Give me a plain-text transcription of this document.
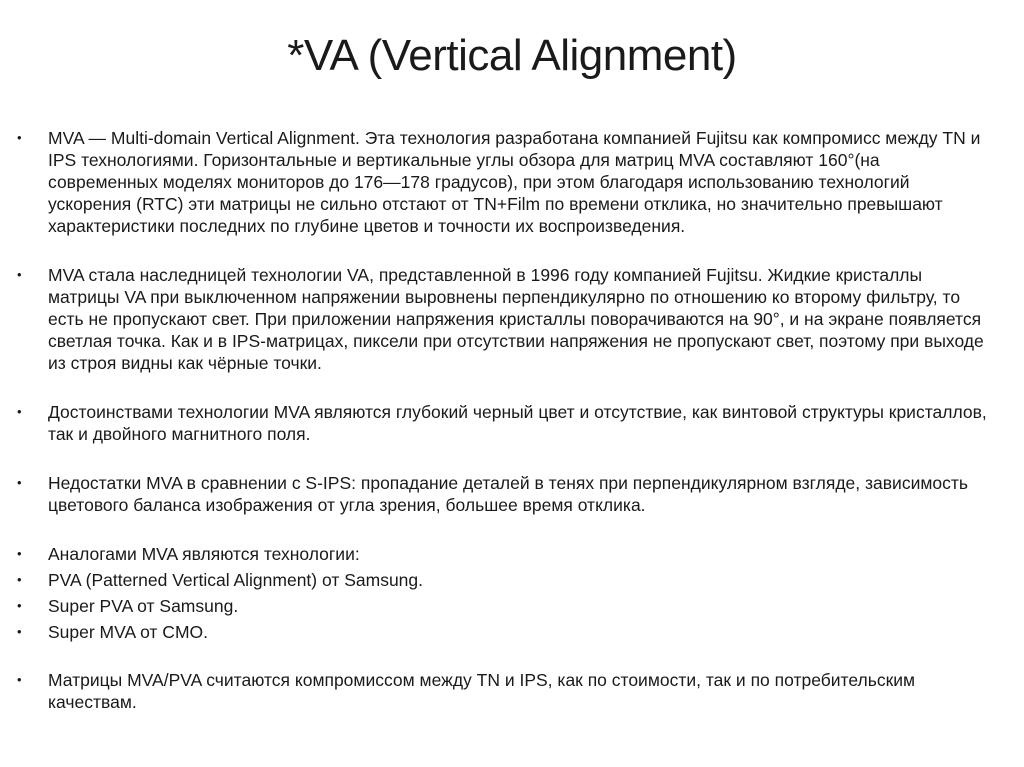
*VA (Vertical Alignment)
•	MVA — Multi-domain Vertical Alignment. Эта технология разработана компанией Fujitsu как компромисс между TN и IPS технологиями. Горизонтальные и вертикальные углы обзора для матриц MVA составляют 160°(на современных моделях мониторов до 176—178 градусов), при этом благодаря использованию технологий ускорения (RTC) эти матрицы не сильно отстают от TN+Film по времени отклика, но значительно превышают характеристики последних по глубине цветов и точности их воспроизведения.
•	MVA стала наследницей технологии VA, представленной в 1996 году компанией Fujitsu. Жидкие кристаллы матрицы VA при выключенном напряжении выровнены перпендикулярно по отношению ко второму фильтру, то есть не пропускают свет. При приложении напряжения кристаллы поворачиваются на 90°, и на экране появляется светлая точка. Как и в IPS-матрицах, пиксели при отсутствии напряжения не пропускают свет, поэтому при выходе из строя видны как чёрные точки.
•	Достоинствами технологии MVA являются глубокий черный цвет и отсутствие, как винтовой структуры кристаллов, так и двойного магнитного поля.
•	Недостатки MVA в сравнении с S-IPS: пропадание деталей в тенях при перпендикулярном взгляде, зависимость цветового баланса изображения от угла зрения, большее время отклика.
•	Аналогами MVA являются технологии:
•	PVA (Patterned Vertical Alignment) от Samsung.
•	Super PVA от Samsung.
•	Super MVA от CMO.
•	Матрицы MVA/PVA считаются компромиссом между TN и IPS, как по стоимости, так и по потребительским качествам.
